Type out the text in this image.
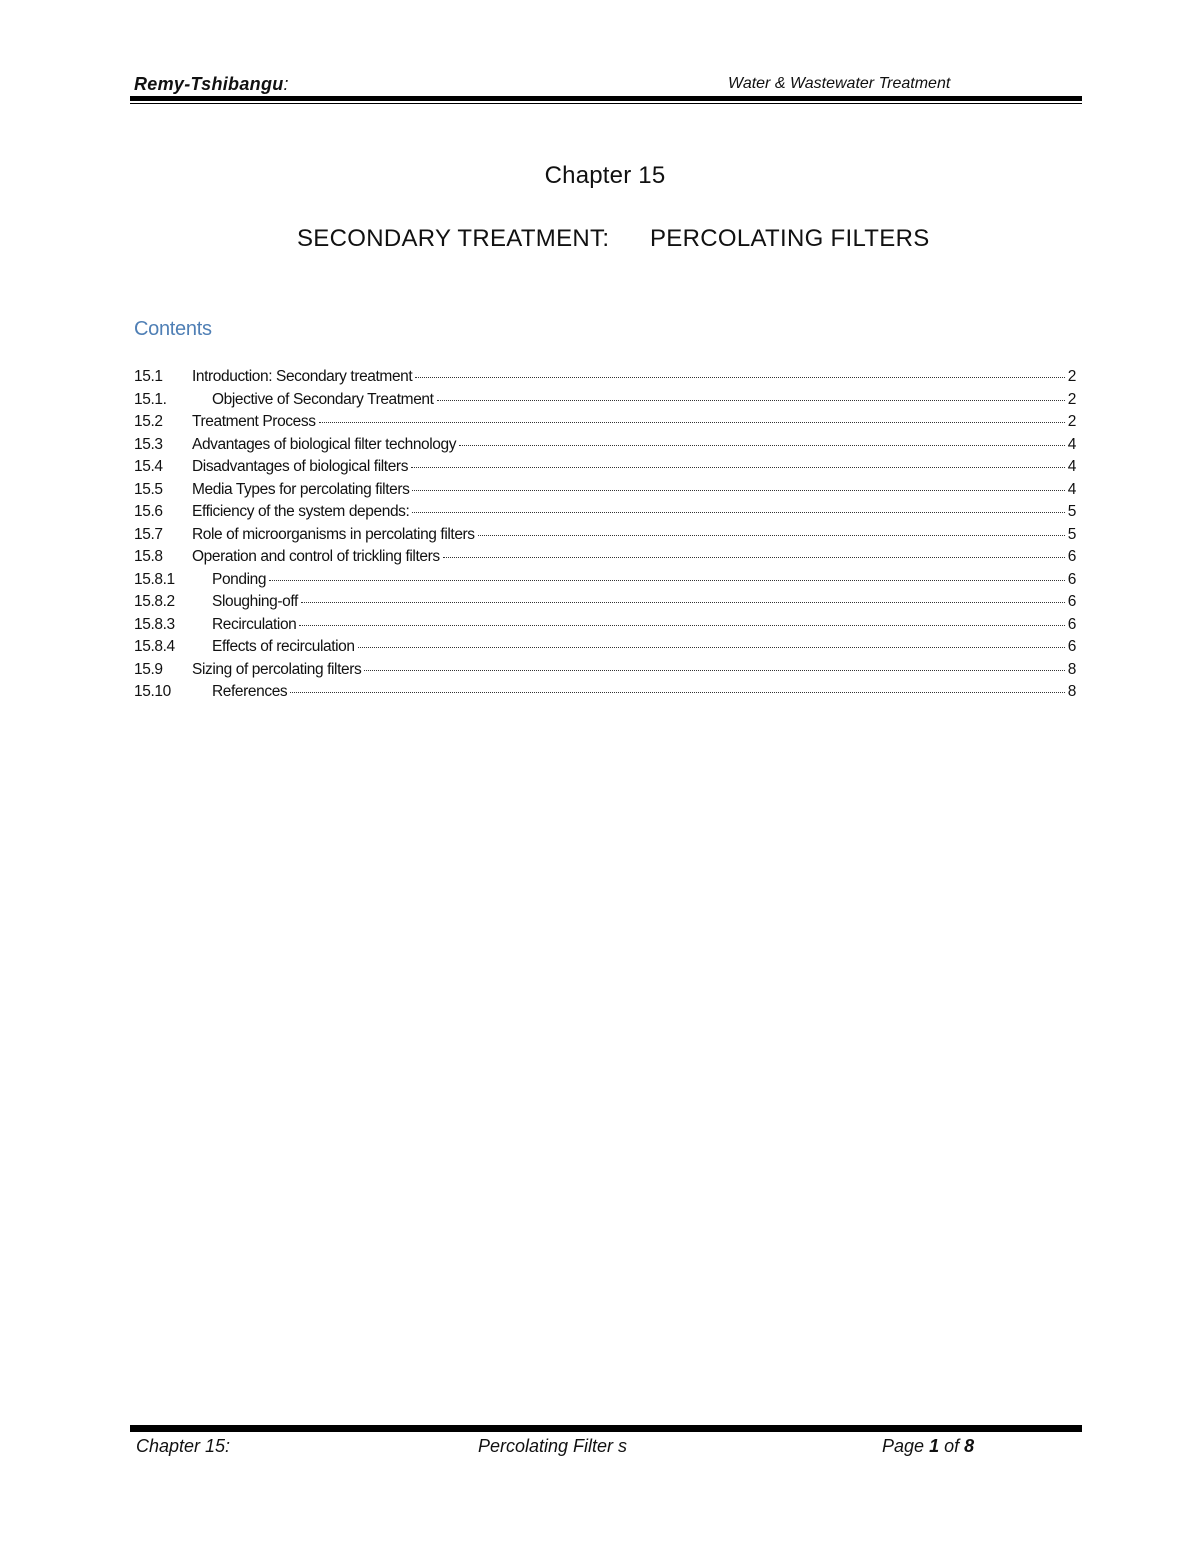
Remy-Tshibangu:	Water & Wastewater Treatment
Chapter 15
SECONDARY TREATMENT: PERCOLATING FILTERS
Contents
15.1	Introduction: Secondary treatment	2
15.1.	Objective of Secondary Treatment	2
15.2	Treatment Process	2
15.3	Advantages of biological filter technology	4
15.4	Disadvantages of biological filters	4
15.5	Media Types for percolating filters	4
15.6	Efficiency of the system depends:	5
15.7	Role of microorganisms in percolating filters	5
15.8	Operation and control of trickling filters	6
15.8.1	Ponding	6
15.8.2	Sloughing-off	6
15.8.3	Recirculation	6
15.8.4	Effects of recirculation	6
15.9	Sizing of percolating filters	8
15.10	References	8
Chapter 15:	Percolating Filter s	Page 1 of 8
